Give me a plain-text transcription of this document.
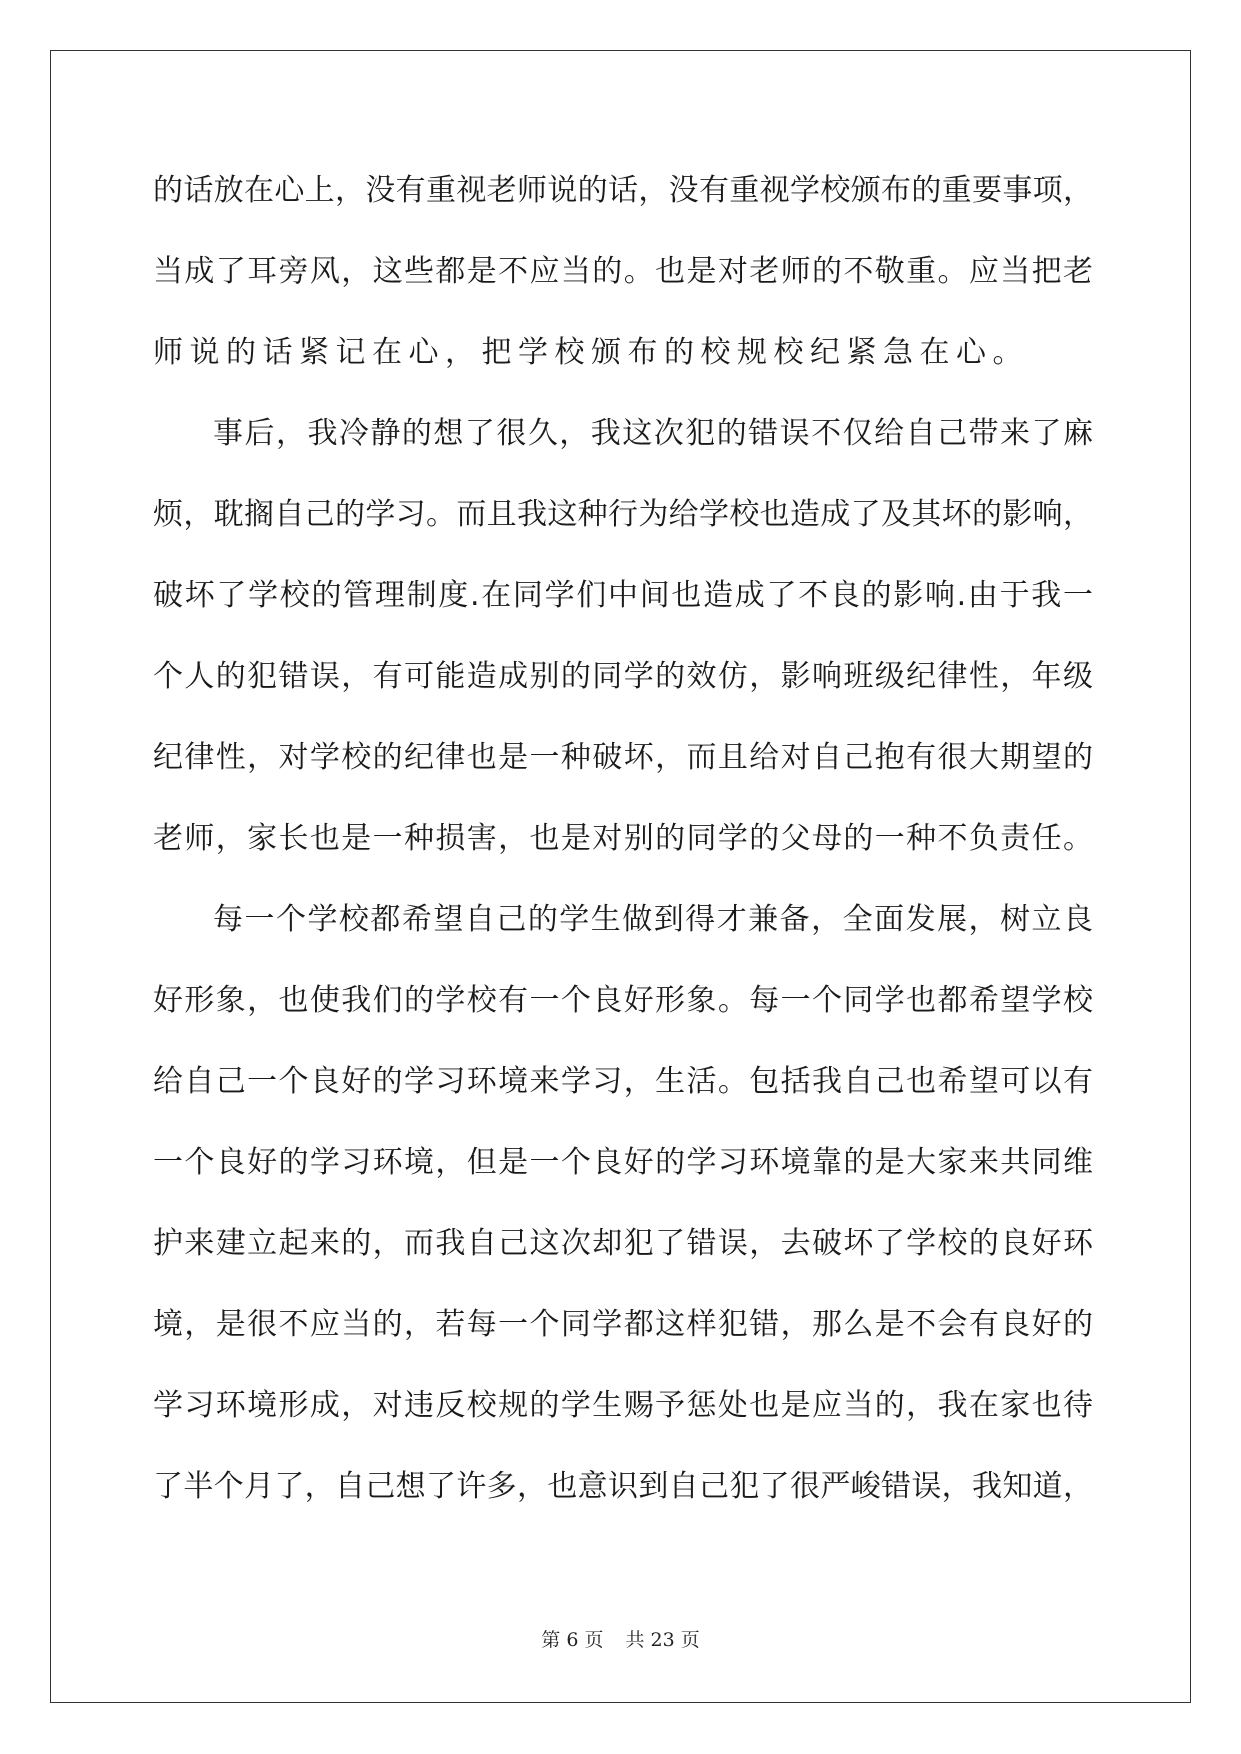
的话放在心上，没有重视老师说的话，没有重视学校颁布的重要事项，
当成了耳旁风，这些都是不应当的。也是对老师的不敬重。应当把老
师说的话紧记在心，把学校颁布的校规校纪紧急在心。
事后，我冷静的想了很久，我这次犯的错误不仅给自己带来了麻
烦，耽搁自己的学习。而且我这种行为给学校也造成了及其坏的影响，
破坏了学校的管理制度.在同学们中间也造成了不良的影响.由于我一
个人的犯错误，有可能造成别的同学的效仿，影响班级纪律性，年级
纪律性，对学校的纪律也是一种破坏，而且给对自己抱有很大期望的
老师，家长也是一种损害，也是对别的同学的父母的一种不负责任。
每一个学校都希望自己的学生做到得才兼备，全面发展，树立良
好形象，也使我们的学校有一个良好形象。每一个同学也都希望学校
给自己一个良好的学习环境来学习，生活。包括我自己也希望可以有
一个良好的学习环境，但是一个良好的学习环境靠的是大家来共同维
护来建立起来的，而我自己这次却犯了错误，去破坏了学校的良好环
境，是很不应当的，若每一个同学都这样犯错，那么是不会有良好的
学习环境形成，对违反校规的学生赐予惩处也是应当的，我在家也待
了半个月了，自己想了许多，也意识到自己犯了很严峻错误，我知道，
第 6 页 共 23 页
